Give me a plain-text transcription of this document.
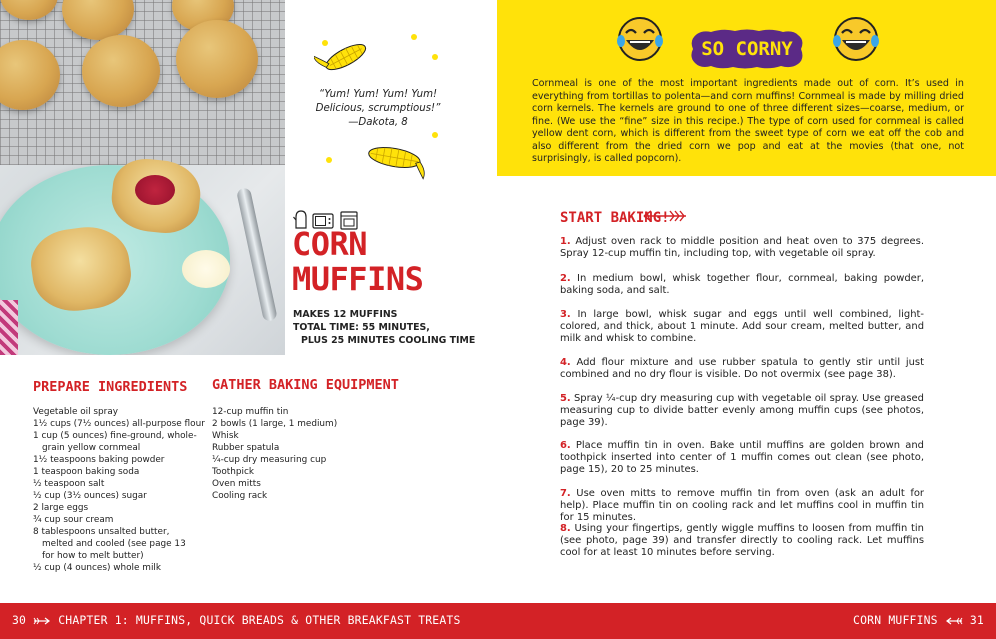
“Yum! Yum! Yum! Yum!
Delicious, scrumptious!”
—Dakota, 8
CORN
MUFFINS
MAKES 12 MUFFINS
TOTAL TIME: 55 MINUTES,
PLUS 25 MINUTES COOLING TIME
SO CORNY
Cornmeal is one of the most important ingredients made out of corn. It’s used in everything from tortillas to polenta—and corn muffins! Cornmeal is made by milling dried corn kernels. The kernels are ground to one of three different sizes—coarse, medium, or fine. (We use the “fine” size in this recipe.) The type of corn used for cornmeal is called yellow dent corn, which is different from the sweet type of corn we eat off the cob and also different from the dried corn we pop and eat at the movies (that one, not surprisingly, is called popcorn).
PREPARE INGREDIENTS
Vegetable oil spray
1½ cups (7½ ounces) all-purpose flour
1 cup (5 ounces) fine-ground, whole-
grain yellow cornmeal
1½ teaspoons baking powder
1 teaspoon baking soda
½ teaspoon salt
½ cup (3½ ounces) sugar
2 large eggs
¾ cup sour cream
8 tablespoons unsalted butter,
melted and cooled (see page 13
for how to melt butter)
½ cup (4 ounces) whole milk
GATHER BAKING EQUIPMENT
12-cup muffin tin
2 bowls (1 large, 1 medium)
Whisk
Rubber spatula
¼-cup dry measuring cup
Toothpick
Oven mitts
Cooling rack
START BAKING!
1. Adjust oven rack to middle position and heat oven to 375 degrees. Spray 12-cup muffin tin, including top, with vegetable oil spray.
2. In medium bowl, whisk together flour, cornmeal, baking powder, baking soda, and salt.
3. In large bowl, whisk sugar and eggs until well combined, light-colored, and thick, about 1 minute. Add sour cream, melted butter, and milk and whisk to combine.
4. Add flour mixture and use rubber spatula to gently stir until just combined and no dry flour is visible. Do not overmix (see page 38).
5. Spray ¼-cup dry measuring cup with vegetable oil spray. Use greased measuring cup to divide batter evenly among muffin cups (see photos, page 39).
6. Place muffin tin in oven. Bake until muffins are golden brown and toothpick inserted into center of 1 muffin comes out clean (see photo, page 15), 20 to 25 minutes.
7. Use oven mitts to remove muffin tin from oven (ask an adult for help). Place muffin tin on cooling rack and let muffins cool in muffin tin for 15 minutes.
8. Using your fingertips, gently wiggle muffins to loosen from muffin tin (see photo, page 39) and transfer directly to cooling rack. Let muffins cool for at least 10 minutes before serving.
30	CHAPTER 1: MUFFINS, QUICK BREADS & OTHER BREAKFAST TREATS	CORN MUFFINS	31
